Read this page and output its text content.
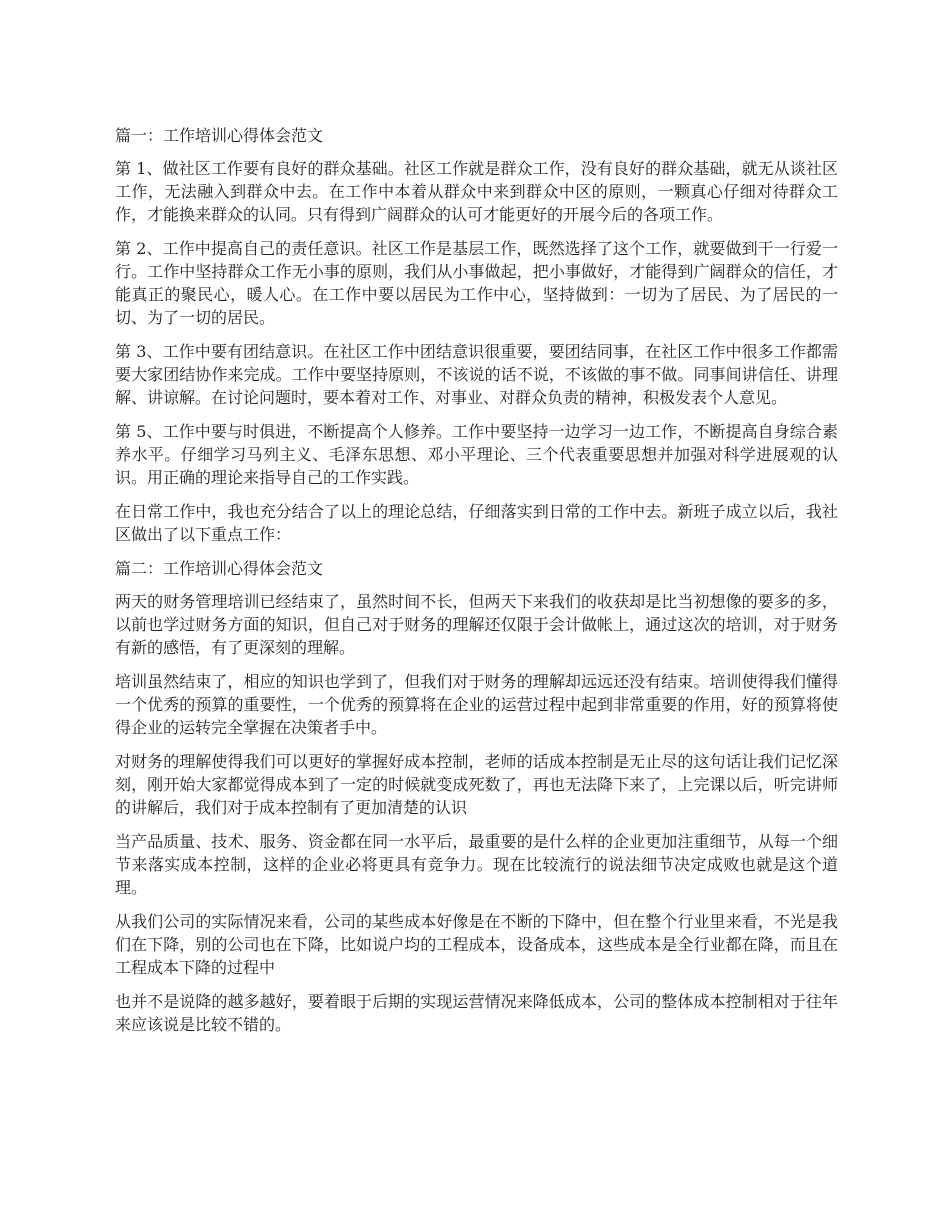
篇一：工作培训心得体会范文

第 1、做社区工作要有良好的群众基础。社区工作就是群众工作，没有良好的群众基础，就无从谈社区工作，无法融入到群众中去。在工作中本着从群众中来到群众中区的原则，一颗真心仔细对待群众工作，才能换来群众的认同。只有得到广阔群众的认可才能更好的开展今后的各项工作。

第 2、工作中提高自己的责任意识。社区工作是基层工作，既然选择了这个工作，就要做到干一行爱一行。工作中坚持群众工作无小事的原则，我们从小事做起，把小事做好，才能得到广阔群众的信任，才能真正的聚民心，暖人心。在工作中要以居民为工作中心，坚持做到：一切为了居民、为了居民的一切、为了一切的居民。

第 3、工作中要有团结意识。在社区工作中团结意识很重要，要团结同事，在社区工作中很多工作都需要大家团结协作来完成。工作中要坚持原则，不该说的话不说，不该做的事不做。同事间讲信任、讲理解、讲谅解。在讨论问题时，要本着对工作、对事业、对群众负责的精神，积极发表个人意见。

第 5、工作中要与时俱进，不断提高个人修养。工作中要坚持一边学习一边工作，不断提高自身综合素养水平。仔细学习马列主义、毛泽东思想、邓小平理论、三个代表重要思想并加强对科学进展观的认识。用正确的理论来指导自己的工作实践。

在日常工作中，我也充分结合了以上的理论总结，仔细落实到日常的工作中去。新班子成立以后，我社区做出了以下重点工作：

篇二：工作培训心得体会范文

两天的财务管理培训已经结束了，虽然时间不长，但两天下来我们的收获却是比当初想像的要多的多，以前也学过财务方面的知识，但自己对于财务的理解还仅限于会计做帐上，通过这次的培训，对于财务有新的感悟，有了更深刻的理解。

培训虽然结束了，相应的知识也学到了，但我们对于财务的理解却远远还没有结束。培训使得我们懂得一个优秀的预算的重要性，一个优秀的预算将在企业的运营过程中起到非常重要的作用，好的预算将使得企业的运转完全掌握在决策者手中。

对财务的理解使得我们可以更好的掌握好成本控制，老师的话成本控制是无止尽的这句话让我们记忆深刻，刚开始大家都觉得成本到了一定的时候就变成死数了，再也无法降下来了，上完课以后，听完讲师的讲解后，我们对于成本控制有了更加清楚的认识

当产品质量、技术、服务、资金都在同一水平后，最重要的是什么样的企业更加注重细节，从每一个细节来落实成本控制，这样的企业必将更具有竞争力。现在比较流行的说法细节决定成败也就是这个道理。

从我们公司的实际情况来看，公司的某些成本好像是在不断的下降中，但在整个行业里来看，不光是我们在下降，别的公司也在下降，比如说户均的工程成本，设备成本，这些成本是全行业都在降，而且在工程成本下降的过程中

也并不是说降的越多越好，要着眼于后期的实现运营情况来降低成本，公司的整体成本控制相对于往年来应该说是比较不错的。
